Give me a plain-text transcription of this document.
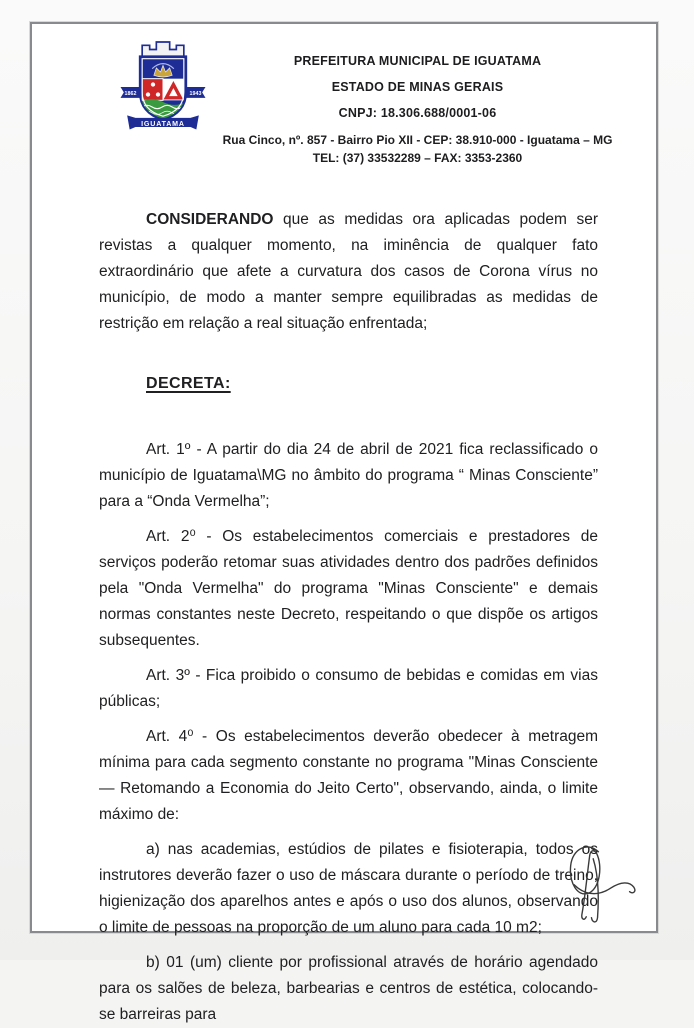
1862	1943
IGUATAMA

PREFEITURA MUNICIPAL DE IGUATAMA

ESTADO DE MINAS GERAIS

CNPJ: 18.306.688/0001-06

Rua Cinco, nº. 857 - Bairro Pio XII - CEP: 38.910-000 - Iguatama – MG

TEL: (37) 33532289 – FAX: 3353-2360

CONSIDERANDO que as medidas ora aplicadas podem ser revistas a qualquer momento, na iminência de qualquer fato extraordinário que afete a curvatura dos casos de Corona vírus no município, de modo a manter sempre equilibradas as medidas de restrição em relação a real situação enfrentada;

DECRETA:

Art. 1º - A partir do dia 24 de abril de 2021 fica reclassificado o município de Iguatama\MG no âmbito do programa “ Minas Consciente” para a “Onda Vermelha”;

Art. 2⁰ - Os estabelecimentos comerciais e prestadores de serviços poderão retomar suas atividades dentro dos padrões definidos pela "Onda Vermelha" do programa "Minas Consciente" e demais normas constantes neste Decreto, respeitando o que dispõe os artigos subsequentes.

Art. 3º - Fica proibido o consumo de bebidas e comidas em vias públicas;

Art. 4⁰ - Os estabelecimentos deverão obedecer à metragem mínima para cada segmento constante no programa "Minas Consciente — Retomando a Economia do Jeito Certo", observando, ainda, o limite máximo de:

a) nas academias, estúdios de pilates e fisioterapia, todos os instrutores deverão fazer o uso de máscara durante o período de treino, higienização dos aparelhos antes e após o uso dos alunos, observando o limite de pessoas na proporção de um aluno para cada 10 m2;

b) 01 (um) cliente por profissional através de horário agendado para os salões de beleza, barbearias e centros de estética, colocando-se barreiras para
